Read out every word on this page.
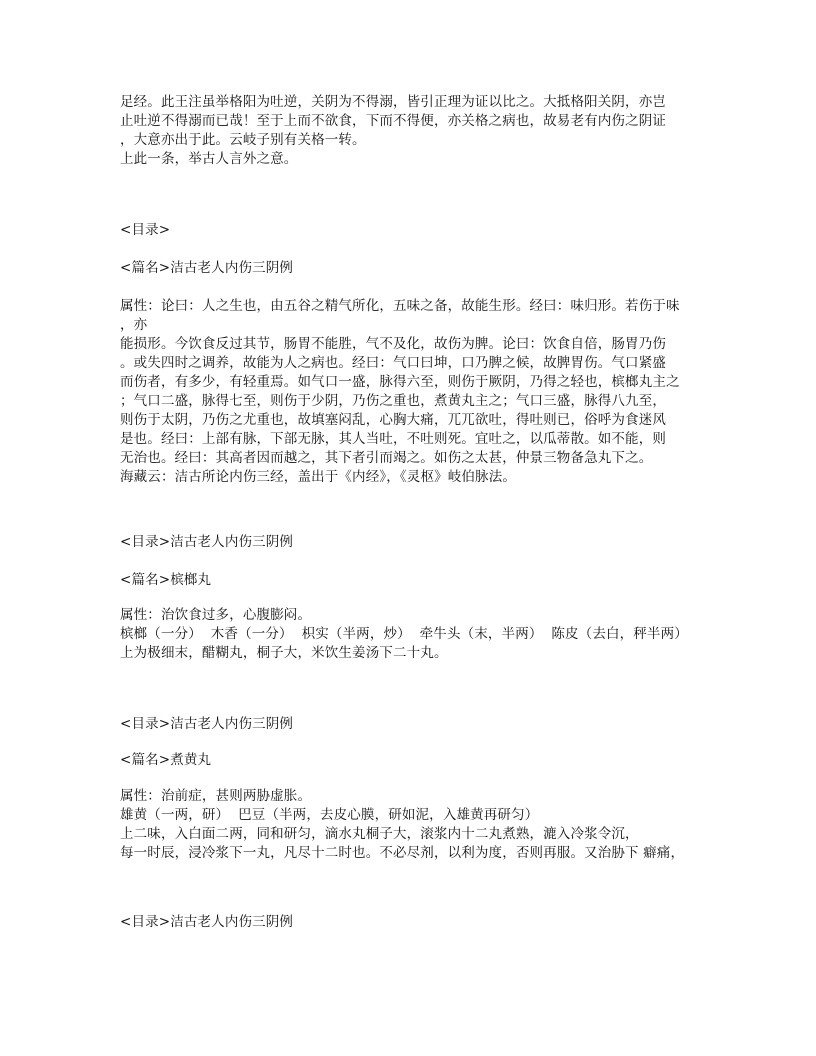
足经。此王注虽举格阳为吐逆，关阴为不得溺，皆引正理为证以比之。大抵格阳关阴，亦岂
止吐逆不得溺而已哉！至于上而不欲食，下而不得便，亦关格之病也，故易老有内伤之阴证
，大意亦出于此。云岐子别有关格一转。
上此一条，举古人言外之意。
<目录>
<篇名>洁古老人内伤三阴例
属性：论曰：人之生也，由五谷之精气所化，五味之备，故能生形。经曰：味归形。若伤于味
，亦
能损形。今饮食反过其节，肠胃不能胜，气不及化，故伤为脾。论曰：饮食自倍，肠胃乃伤
。或失四时之调养，故能为人之病也。经曰：气口曰坤，口乃脾之候，故脾胃伤。气口紧盛
而伤者，有多少，有轻重焉。如气口一盛，脉得六至，则伤于厥阴，乃得之轻也，槟榔丸主之
；气口二盛，脉得七至，则伤于少阴，乃伤之重也，煮黄丸主之；气口三盛，脉得八九至，
则伤于太阴，乃伤之尤重也，故填塞闷乱，心胸大痛，兀兀欲吐，得吐则已，俗呼为食迷风
是也。经曰：上部有脉，下部无脉，其人当吐，不吐则死。宜吐之，以瓜蒂散。如不能，则
无治也。经曰：其高者因而越之，其下者引而竭之。如伤之太甚，仲景三物备急丸下之。
海藏云：洁古所论内伤三经，盖出于《内经》，《灵枢》岐伯脉法。
<目录>洁古老人内伤三阴例
<篇名>槟榔丸
属性：治饮食过多，心腹膨闷。
槟榔（一分）  木香（一分）  枳实（半两，炒）  牵牛头（末，半两）  陈皮（去白，秤半两）
上为极细末，醋糊丸，桐子大，米饮生姜汤下二十丸。
<目录>洁古老人内伤三阴例
<篇名>煮黄丸
属性：治前症，甚则两胁虚胀。
雄黄（一两，研）  巴豆（半两，去皮心膜，研如泥，入雄黄再研匀）
上二味，入白面二两，同和研匀，滴水丸桐子大，滚浆内十二丸煮熟，漉入冷浆令沉，
每一时辰，浸冷浆下一丸，凡尽十二时也。不必尽剂，以利为度，否则再服。又治胁下 癖痛，
<目录>洁古老人内伤三阴例
